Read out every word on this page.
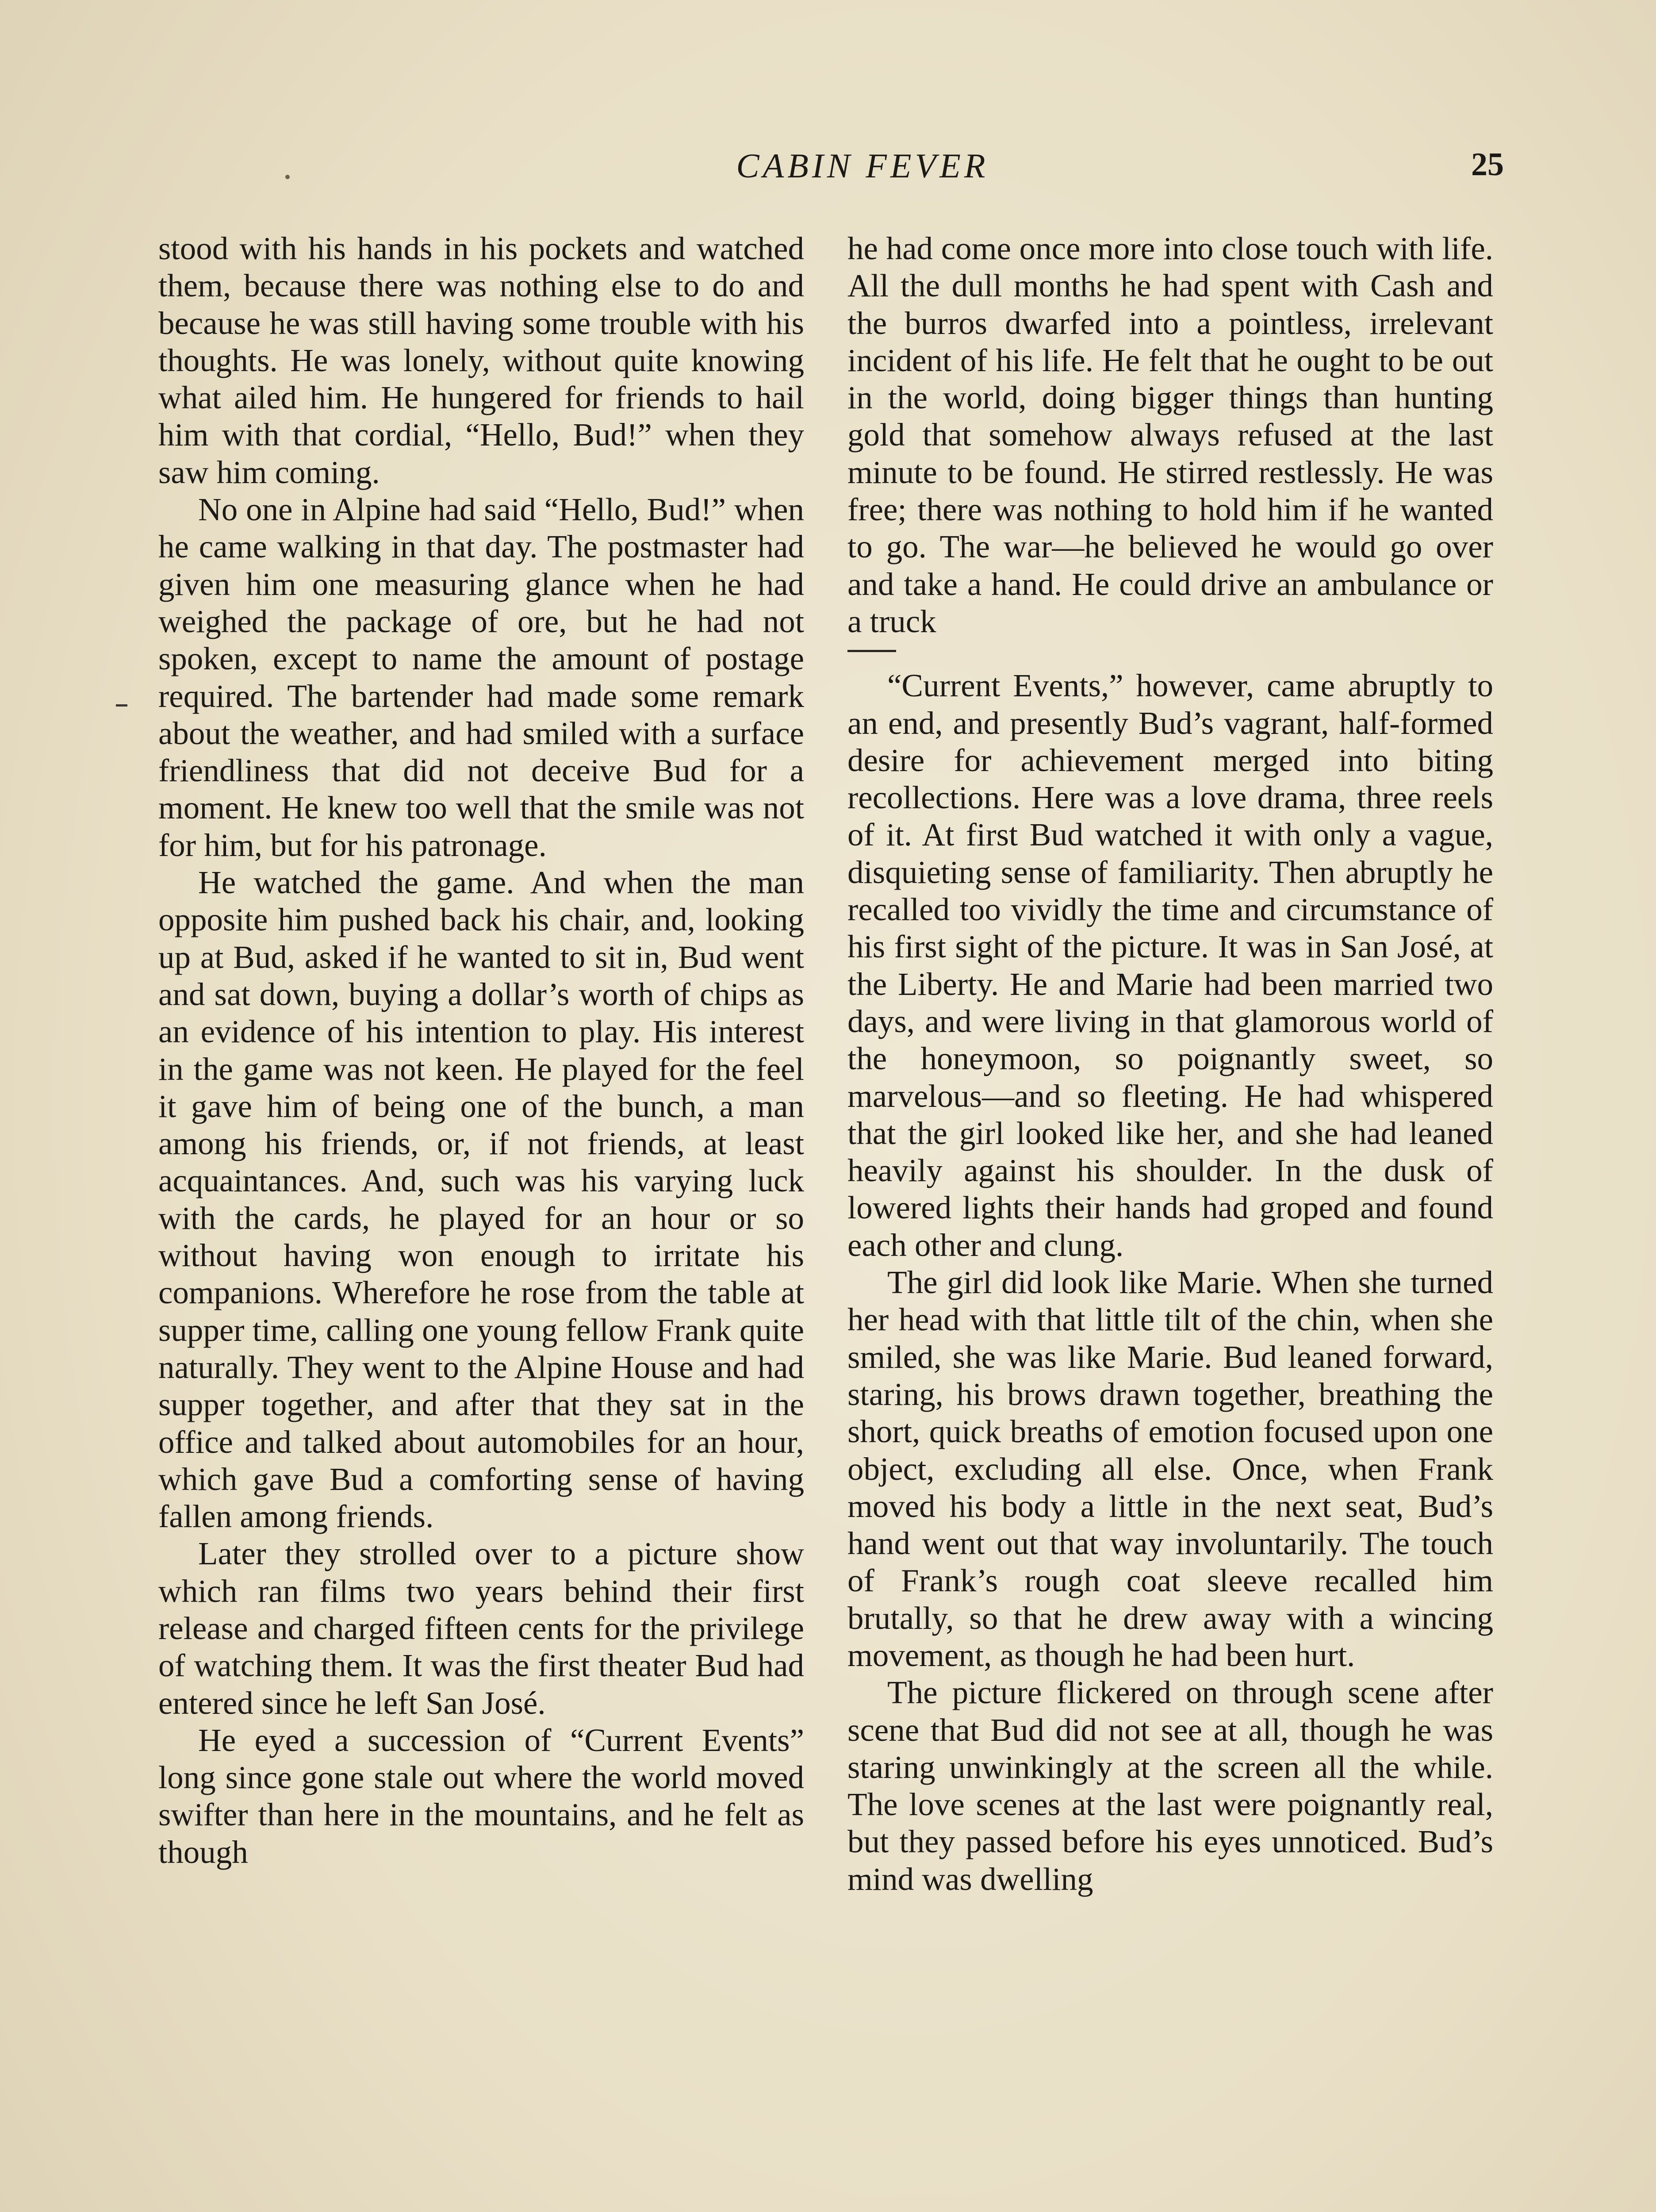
CABIN FEVER	25

stood with his hands in his pockets and watched them, because there was nothing else to do and because he was still having some trouble with his thoughts. He was lonely, without quite knowing what ailed him. He hungered for friends to hail him with that cordial, “Hello, Bud!” when they saw him coming.

No one in Alpine had said “Hello, Bud!” when he came walking in that day. The postmaster had given him one measuring glance when he had weighed the package of ore, but he had not spoken, except to name the amount of postage required. The bartender had made some remark about the weather, and had smiled with a surface friendliness that did not deceive Bud for a moment. He knew too well that the smile was not for him, but for his patronage.

He watched the game. And when the man opposite him pushed back his chair, and, looking up at Bud, asked if he wanted to sit in, Bud went and sat down, buying a dollar’s worth of chips as an evidence of his intention to play. His interest in the game was not keen. He played for the feel it gave him of being one of the bunch, a man among his friends, or, if not friends, at least acquaintances. And, such was his varying luck with the cards, he played for an hour or so without having won enough to irritate his companions. Wherefore he rose from the table at supper time, calling one young fellow Frank quite naturally. They went to the Alpine House and had supper together, and after that they sat in the office and talked about automobiles for an hour, which gave Bud a comforting sense of having fallen among friends.

Later they strolled over to a picture show which ran films two years behind their first release and charged fifteen cents for the privilege of watching them. It was the first theater Bud had entered since he left San José.

He eyed a succession of “Current Events” long since gone stale out where the world moved swifter than here in the mountains, and he felt as though

he had come once more into close touch with life. All the dull months he had spent with Cash and the burros dwarfed into a pointless, irrelevant incident of his life. He felt that he ought to be out in the world, doing bigger things than hunting gold that somehow always refused at the last minute to be found. He stirred restlessly. He was free; there was nothing to hold him if he wanted to go. The war—he believed he would go over and take a hand. He could drive an ambulance or a truck

“Current Events,” however, came abruptly to an end, and presently Bud’s vagrant, half-formed desire for achievement merged into biting recollections. Here was a love drama, three reels of it. At first Bud watched it with only a vague, disquieting sense of familiarity. Then abruptly he recalled too vividly the time and circumstance of his first sight of the picture. It was in San José, at the Liberty. He and Marie had been married two days, and were living in that glamorous world of the honeymoon, so poignantly sweet, so marvelous—and so fleeting. He had whispered that the girl looked like her, and she had leaned heavily against his shoulder. In the dusk of lowered lights their hands had groped and found each other and clung.

The girl did look like Marie. When she turned her head with that little tilt of the chin, when she smiled, she was like Marie. Bud leaned forward, staring, his brows drawn together, breathing the short, quick breaths of emotion focused upon one object, excluding all else. Once, when Frank moved his body a little in the next seat, Bud’s hand went out that way involuntarily. The touch of Frank’s rough coat sleeve recalled him brutally, so that he drew away with a wincing movement, as though he had been hurt.

The picture flickered on through scene after scene that Bud did not see at all, though he was staring unwinkingly at the screen all the while. The love scenes at the last were poignantly real, but they passed before his eyes unnoticed. Bud’s mind was dwelling
